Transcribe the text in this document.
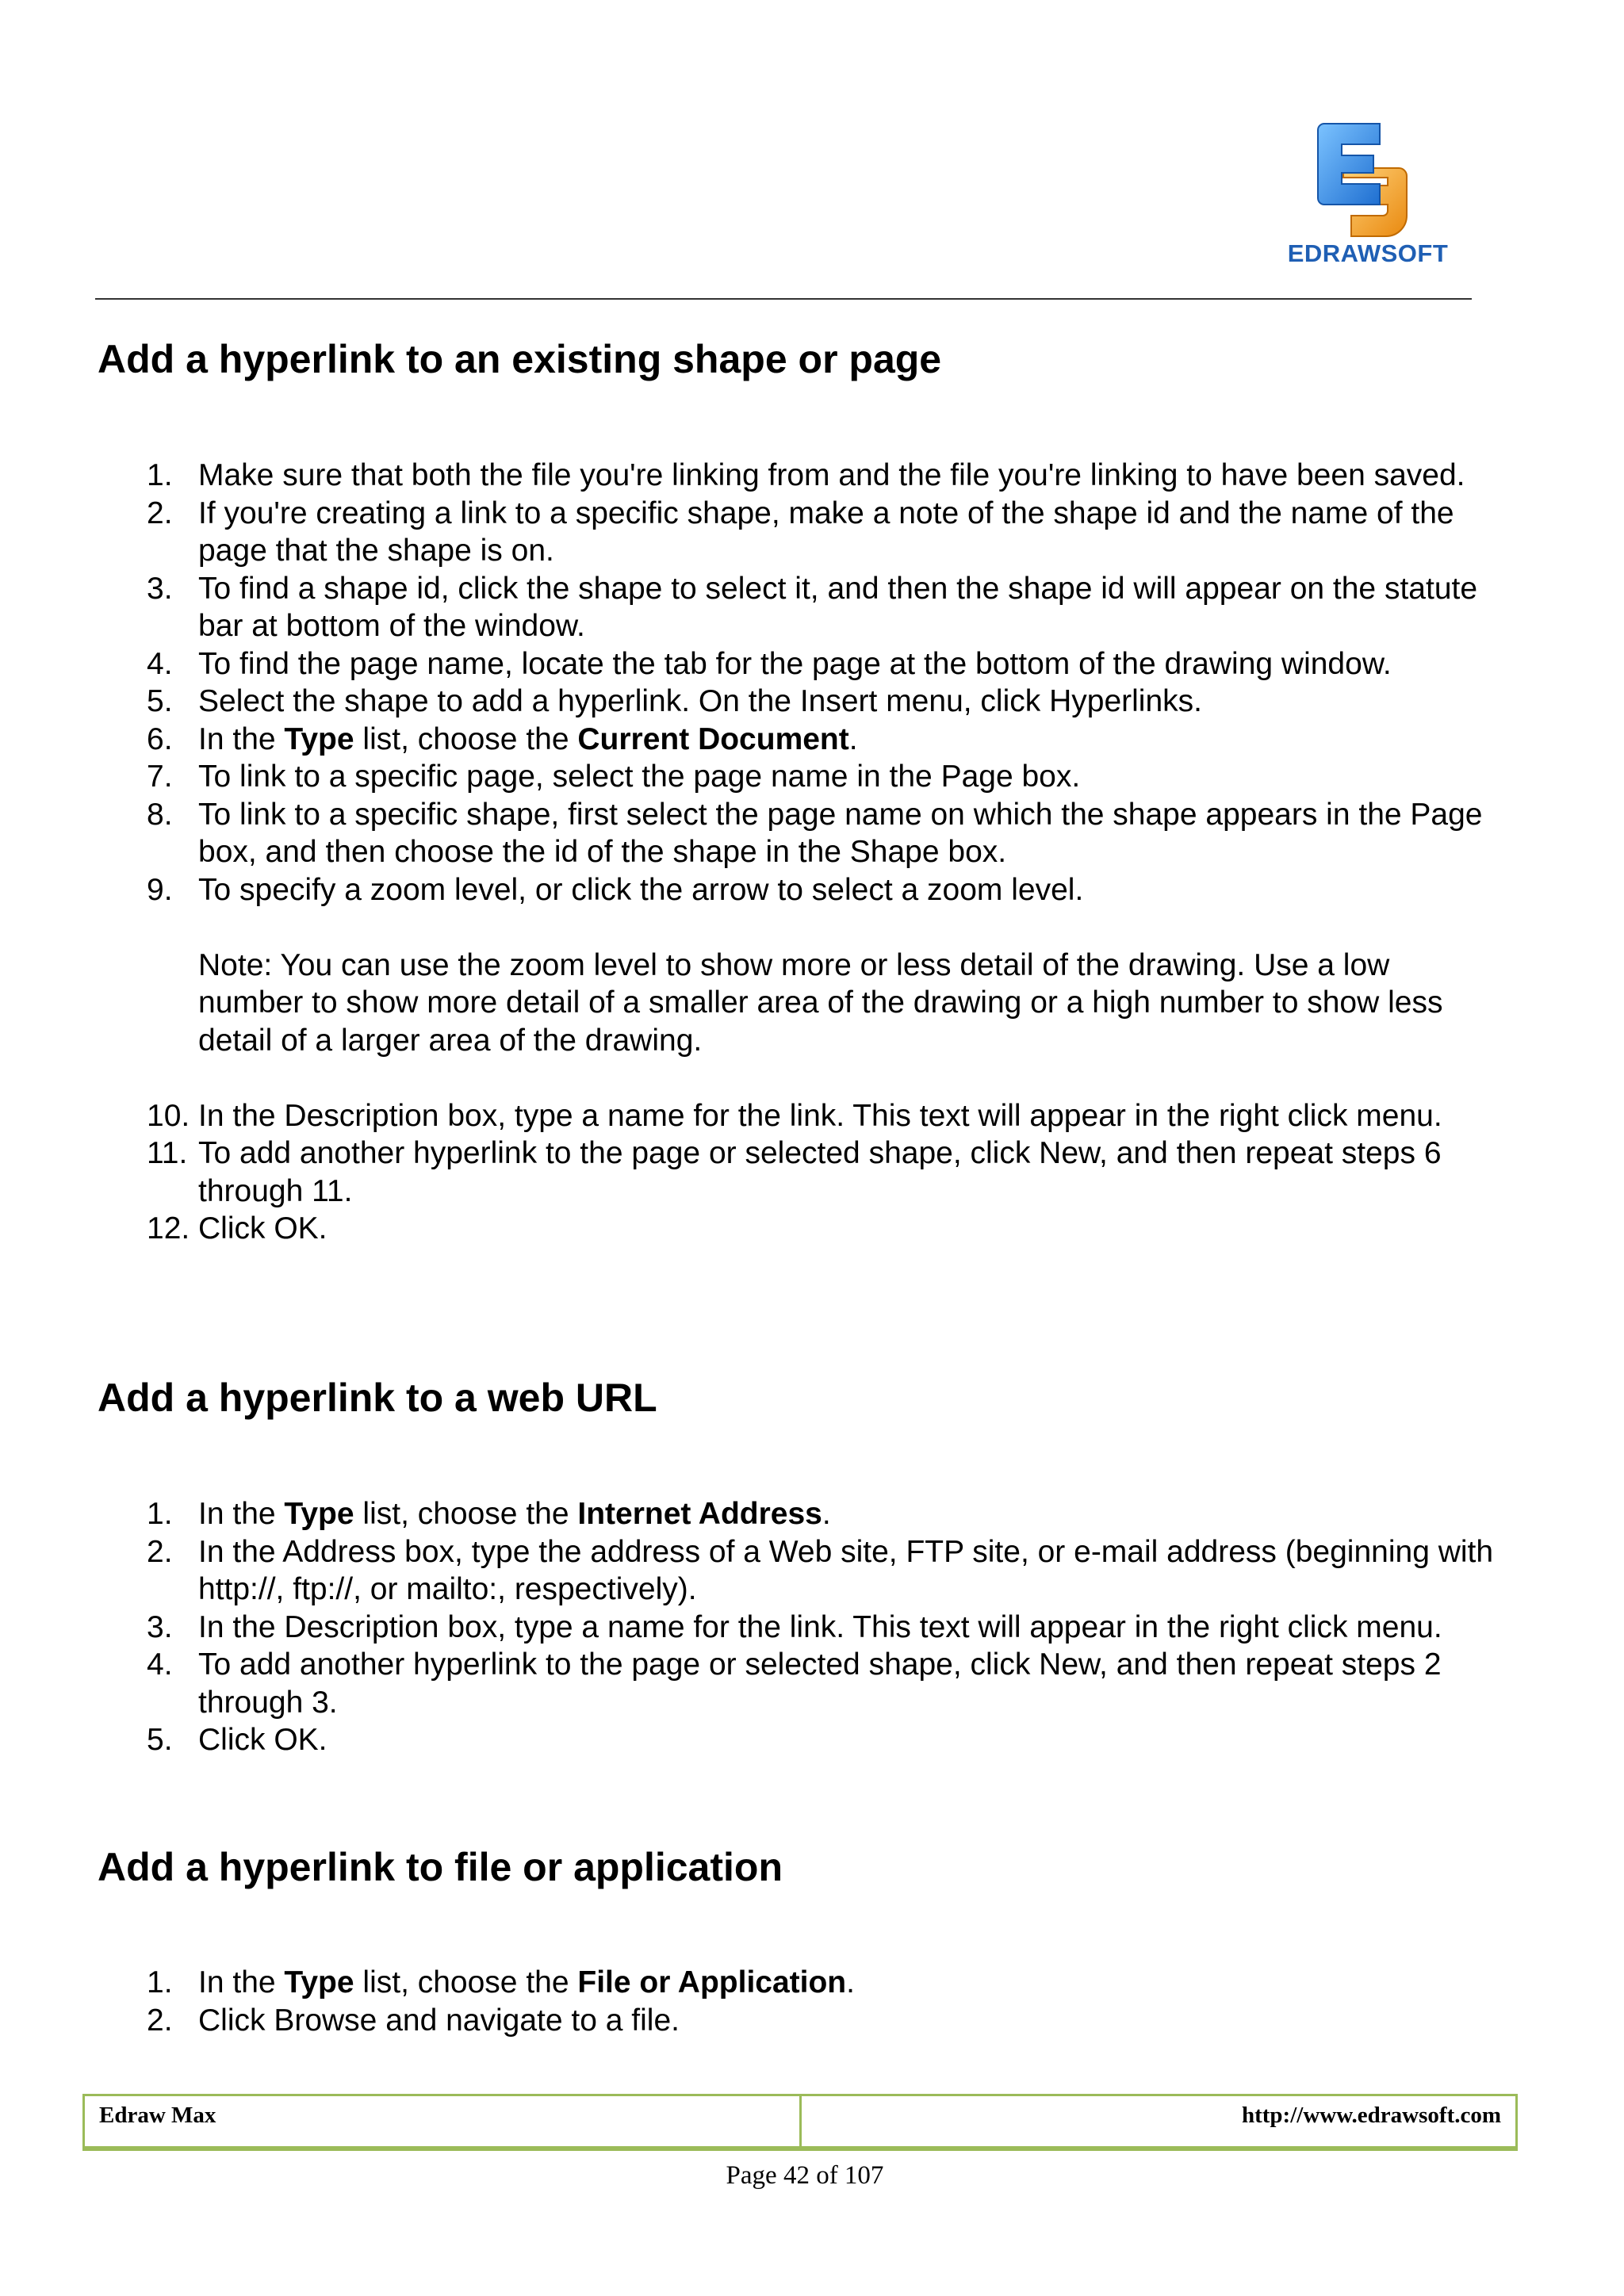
EDRAWSOFT
Add a hyperlink to an existing shape or page
1. Make sure that both the file you're linking from and the file you're linking to have been saved.
2. If you're creating a link to a specific shape, make a note of the shape id and the name of the page that the shape is on.
3. To find a shape id, click the shape to select it, and then the shape id will appear on the statute bar at bottom of the window.
4. To find the page name, locate the tab for the page at the bottom of the drawing window.
5. Select the shape to add a hyperlink. On the Insert menu, click Hyperlinks.
6. In the Type list, choose the Current Document.
7. To link to a specific page, select the page name in the Page box.
8. To link to a specific shape, first select the page name on which the shape appears in the Page box, and then choose the id of the shape in the Shape box.
9. To specify a zoom level, or click the arrow to select a zoom level.
Note: You can use the zoom level to show more or less detail of the drawing. Use a low number to show more detail of a smaller area of the drawing or a high number to show less detail of a larger area of the drawing.
10. In the Description box, type a name for the link. This text will appear in the right click menu.
11. To add another hyperlink to the page or selected shape, click New, and then repeat steps 6 through 11.
12. Click OK.
Add a hyperlink to a web URL
1. In the Type list, choose the Internet Address.
2. In the Address box, type the address of a Web site, FTP site, or e-mail address (beginning with http://, ftp://, or mailto:, respectively).
3. In the Description box, type a name for the link. This text will appear in the right click menu.
4. To add another hyperlink to the page or selected shape, click New, and then repeat steps 2 through 3.
5. Click OK.
Add a hyperlink to file or application
1. In the Type list, choose the File or Application.
2. Click Browse and navigate to a file.
Edraw Max	http://www.edrawsoft.com
Page 42 of 107
